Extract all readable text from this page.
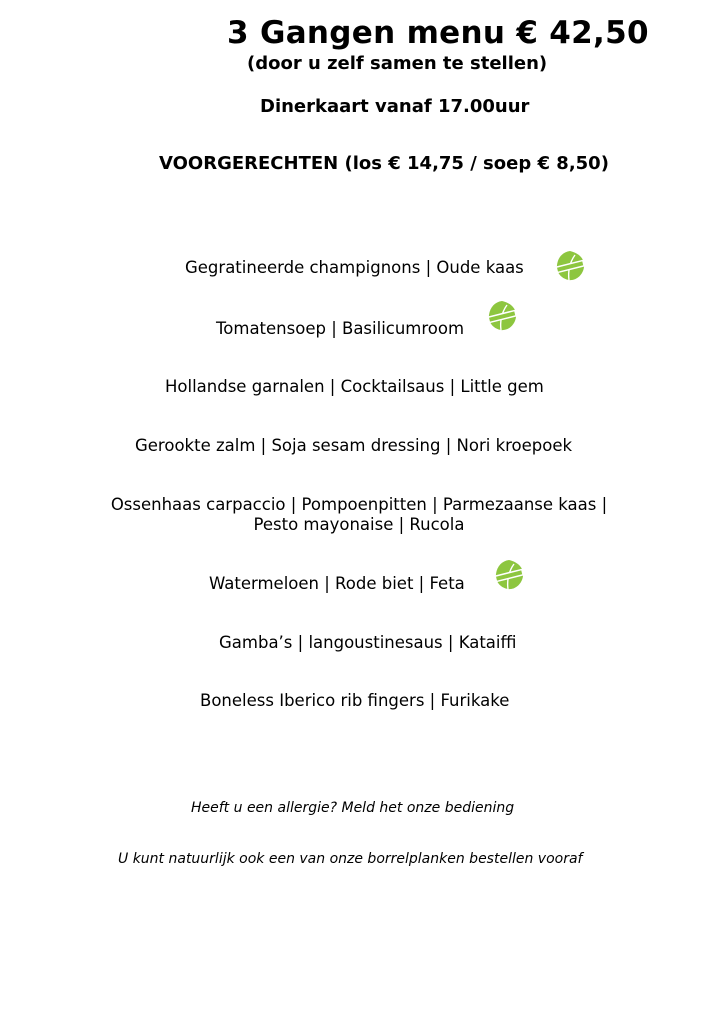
3 Gangen menu € 42,50
(door u zelf samen te stellen)
Dinerkaart vanaf 17.00uur
VOORGERECHTEN (los € 14,75 / soep € 8,50)
Gegratineerde champignons | Oude kaas
Tomatensoep | Basilicumroom
Hollandse garnalen | Cocktailsaus | Little gem
Gerookte zalm | Soja sesam dressing | Nori kroepoek
Ossenhaas carpaccio | Pompoenpitten | Parmezaanse kaas | Pesto mayonaise | Rucola
Watermeloen | Rode biet | Feta
Gamba’s | langoustinesaus | Kataiffi
Boneless Iberico rib fingers | Furikake
Heeft u een allergie? Meld het onze bediening
U kunt natuurlijk ook een van onze borrelplanken bestellen vooraf
